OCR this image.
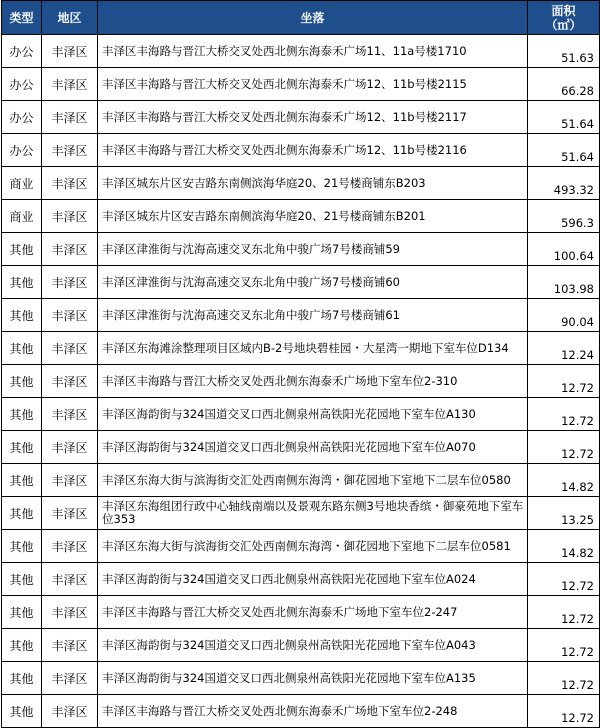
类型	地区	坐落	面积
（㎡）

办公	丰泽区	丰泽区丰海路与晋江大桥交叉处西北侧东海泰禾广场11、11a号楼1710	51.63
办公	丰泽区	丰泽区丰海路与晋江大桥交叉处西北侧东海泰禾广场12、11b号楼2115	66.28
办公	丰泽区	丰泽区丰海路与晋江大桥交叉处西北侧东海泰禾广场12、11b号楼2117	51.64
办公	丰泽区	丰泽区丰海路与晋江大桥交叉处西北侧东海泰禾广场12、11b号楼2116	51.64
商业	丰泽区	丰泽区城东片区安吉路东南侧滨海华庭20、21号楼商铺东B203	493.32
商业	丰泽区	丰泽区城东片区安吉路东南侧滨海华庭20、21号楼商铺东B201	596.3
其他	丰泽区	丰泽区津淮街与沈海高速交叉东北角中骏广场7号楼商铺59	100.64
其他	丰泽区	丰泽区津淮街与沈海高速交叉东北角中骏广场7号楼商铺60	103.98
其他	丰泽区	丰泽区津淮街与沈海高速交叉东北角中骏广场7号楼商铺61	90.04
其他	丰泽区	丰泽区东海滩涂整理项目区域内B-2号地块碧桂园・大星湾一期地下室车位D134	12.24
其他	丰泽区	丰泽区丰海路与晋江大桥交叉处西北侧东海泰禾广场地下室车位2-310	12.72
其他	丰泽区	丰泽区海韵街与324国道交叉口西北侧泉州高铁阳光花园地下室车位A130	12.72
其他	丰泽区	丰泽区海韵街与324国道交叉口西北侧泉州高铁阳光花园地下室车位A070	12.72
其他	丰泽区	丰泽区东海大街与滨海街交汇处西南侧东海湾・御花园地下室地下二层车位0580	14.82
其他	丰泽区	丰泽区东海组团行政中心轴线南端以及景观东路东侧3号地块香缤・御豪苑地下室车位353	13.25
其他	丰泽区	丰泽区东海大街与滨海街交汇处西南侧东海湾・御花园地下室地下二层车位0581	14.82
其他	丰泽区	丰泽区海韵街与324国道交叉口西北侧泉州高铁阳光花园地下室车位A024	12.72
其他	丰泽区	丰泽区丰海路与晋江大桥交叉处西北侧东海泰禾广场地下室车位2-247	12.72
其他	丰泽区	丰泽区海韵街与324国道交叉口西北侧泉州高铁阳光花园地下室车位A043	12.72
其他	丰泽区	丰泽区海韵街与324国道交叉口西北侧泉州高铁阳光花园地下室车位A135	12.72
其他	丰泽区	丰泽区丰海路与晋江大桥交叉处西北侧东海泰禾广场地下室车位2-248	12.72
